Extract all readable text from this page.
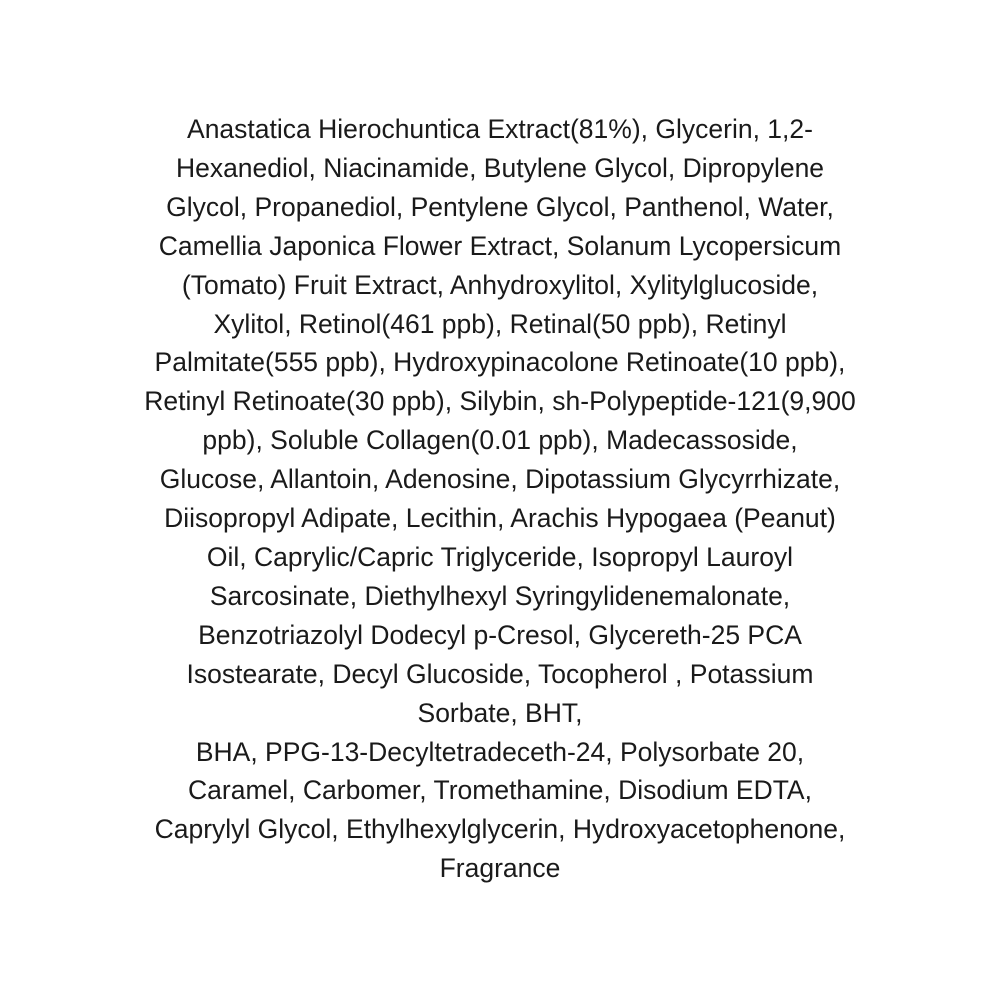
Anastatica Hierochuntica Extract(81%), Glycerin, 1,2-
Hexanediol, Niacinamide, Butylene Glycol, Dipropylene
Glycol, Propanediol, Pentylene Glycol, Panthenol, Water,
Camellia Japonica Flower Extract, Solanum Lycopersicum
(Tomato) Fruit Extract, Anhydroxylitol, Xylitylglucoside,
Xylitol, Retinol(461 ppb), Retinal(50 ppb), Retinyl
Palmitate(555 ppb), Hydroxypinacolone Retinoate(10 ppb),
Retinyl Retinoate(30 ppb), Silybin, sh-Polypeptide-121(9,900
ppb), Soluble Collagen(0.01 ppb), Madecassoside,
Glucose, Allantoin, Adenosine, Dipotassium Glycyrrhizate,
Diisopropyl Adipate, Lecithin, Arachis Hypogaea (Peanut)
Oil, Caprylic/Capric Triglyceride, Isopropyl Lauroyl
Sarcosinate, Diethylhexyl Syringylidenemalonate,
Benzotriazolyl Dodecyl p-Cresol, Glycereth-25 PCA
Isostearate, Decyl Glucoside, Tocopherol , Potassium
Sorbate, BHT,
BHA, PPG-13-Decyltetradeceth-24, Polysorbate 20,
Caramel, Carbomer, Tromethamine, Disodium EDTA,
Caprylyl Glycol, Ethylhexylglycerin, Hydroxyacetophenone,
Fragrance
